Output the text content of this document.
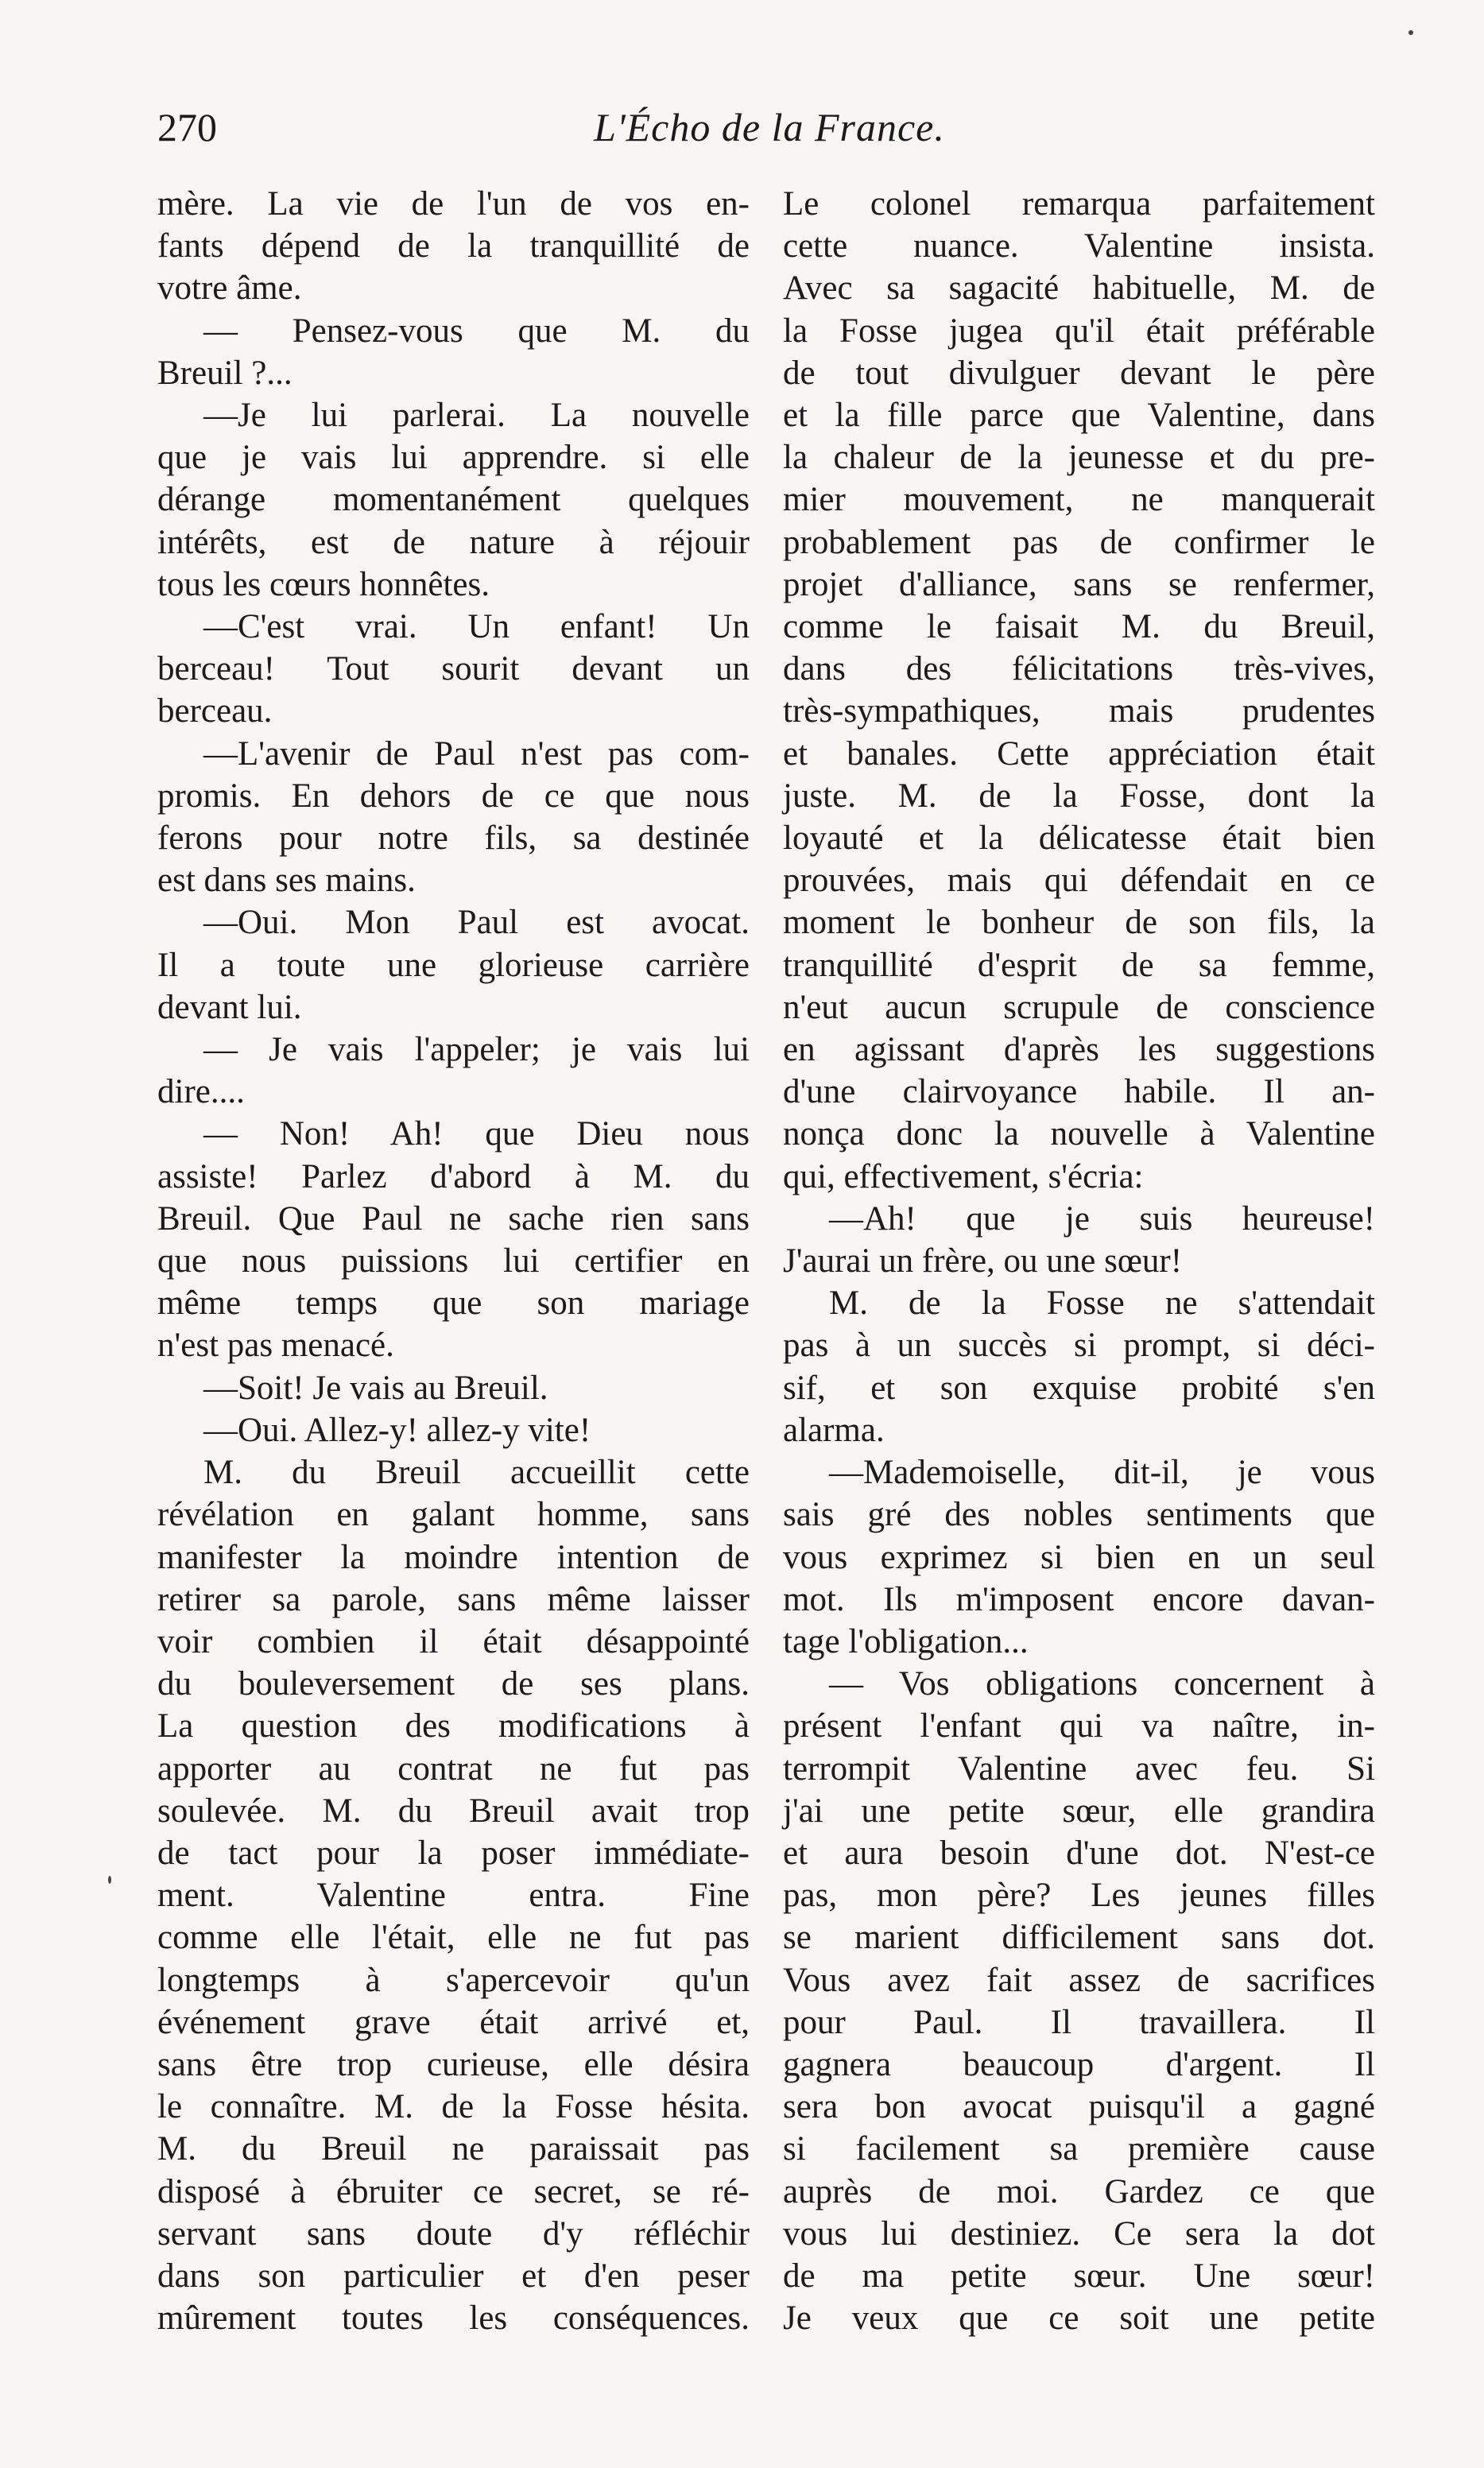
270	L'Écho de la France.

mère. La vie de l'un de vos en-

fants dépend de la tranquillité de

votre âme.

— Pensez-vous que M. du

Breuil ?...

—Je lui parlerai. La nouvelle

que je vais lui apprendre. si elle

dérange momentanément quelques

intérêts, est de nature à réjouir

tous les cœurs honnêtes.

—C'est vrai. Un enfant! Un

berceau! Tout sourit devant un

berceau.

—L'avenir de Paul n'est pas com-

promis. En dehors de ce que nous

ferons pour notre fils, sa destinée

est dans ses mains.

—Oui. Mon Paul est avocat.

Il a toute une glorieuse carrière

devant lui.

— Je vais l'appeler; je vais lui

dire....

— Non! Ah! que Dieu nous

assiste! Parlez d'abord à M. du

Breuil. Que Paul ne sache rien sans

que nous puissions lui certifier en

même temps que son mariage

n'est pas menacé.

—Soit! Je vais au Breuil.

—Oui. Allez-y! allez-y vite!

M. du Breuil accueillit cette

révélation en galant homme, sans

manifester la moindre intention de

retirer sa parole, sans même laisser

voir combien il était désappointé

du bouleversement de ses plans.

La question des modifications à

apporter au contrat ne fut pas

soulevée. M. du Breuil avait trop

de tact pour la poser immédiate-

ment. Valentine entra. Fine

comme elle l'était, elle ne fut pas

longtemps à s'apercevoir qu'un

événement grave était arrivé et,

sans être trop curieuse, elle désira

le connaître. M. de la Fosse hésita.

M. du Breuil ne paraissait pas

disposé à ébruiter ce secret, se ré-

servant sans doute d'y réfléchir

dans son particulier et d'en peser

mûrement toutes les conséquences.

Le colonel remarqua parfaitement

cette nuance. Valentine insista.

Avec sa sagacité habituelle, M. de

la Fosse jugea qu'il était préférable

de tout divulguer devant le père

et la fille parce que Valentine, dans

la chaleur de la jeunesse et du pre-

mier mouvement, ne manquerait

probablement pas de confirmer le

projet d'alliance, sans se renfermer,

comme le faisait M. du Breuil,

dans des félicitations très-vives,

très-sympathiques, mais prudentes

et banales. Cette appréciation était

juste. M. de la Fosse, dont la

loyauté et la délicatesse était bien

prouvées, mais qui défendait en ce

moment le bonheur de son fils, la

tranquillité d'esprit de sa femme,

n'eut aucun scrupule de conscience

en agissant d'après les suggestions

d'une clairvoyance habile. Il an-

nonça donc la nouvelle à Valentine

qui, effectivement, s'écria:

—Ah! que je suis heureuse!

J'aurai un frère, ou une sœur!

M. de la Fosse ne s'attendait

pas à un succès si prompt, si déci-

sif, et son exquise probité s'en

alarma.

—Mademoiselle, dit-il, je vous

sais gré des nobles sentiments que

vous exprimez si bien en un seul

mot. Ils m'imposent encore davan-

tage l'obligation...

— Vos obligations concernent à

présent l'enfant qui va naître, in-

terrompit Valentine avec feu. Si

j'ai une petite sœur, elle grandira

et aura besoin d'une dot. N'est-ce

pas, mon père? Les jeunes filles

se marient difficilement sans dot.

Vous avez fait assez de sacrifices

pour Paul. Il travaillera. Il

gagnera beaucoup d'argent. Il

sera bon avocat puisqu'il a gagné

si facilement sa première cause

auprès de moi. Gardez ce que

vous lui destiniez. Ce sera la dot

de ma petite sœur. Une sœur!

Je veux que ce soit une petite
